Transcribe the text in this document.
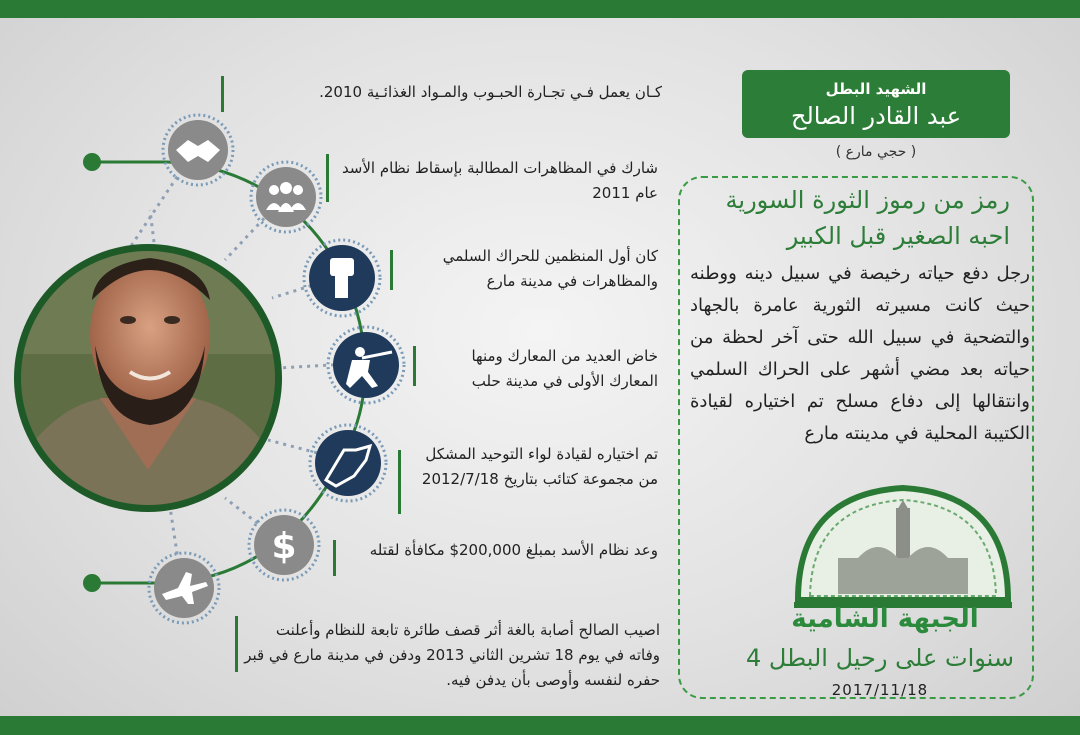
$
كـان يعمل فـي تجـارة الحبـوب والمـواد الغذائـية 2010.
شارك في المظاهرات المطالبة بإسقاط نظام الأسد عام 2011
كان أول المنظمين للحراك السلمي والمظاهرات في مدينة مارع
خاض العديد من المعارك ومنها المعارك الأولى في مدينة حلب
تم اختياره لقيادة لواء التوحيد المشكل من مجموعة كتائب بتاريخ 2012/7/18
وعد نظام الأسد بمبلغ 200,000$ مكافأة لقتله
اصيب الصالح أصابة بالغة أثر قصف طائرة تابعة للنظام وأعلنت وفاته في يوم 18 تشرين الثاني 2013 ودفن في مدينة مارع في قبر حفره لنفسه وأوصى بأن يدفن فيه.
الشهيد البطل
عبد القادر الصالح
( حجي مارع )
رمز من رموز الثورة السورية
احبه الصغير قبل الكبير
رجل دفع حياته رخيصة في سبيل دينه ووطنه حيث كانت مسيرته الثورية عامرة بالجهاد والتضحية في سبيل الله حتى آخر لحظة من حياته بعد مضي أشهر على الحراك السلمي وانتقالها إلى دفاع مسلح تم اختياره لقيادة الكتيبة المحلية في مدينته مارع
الجبهة الشامية
4 سنوات على رحيل البطل
2017/11/18
